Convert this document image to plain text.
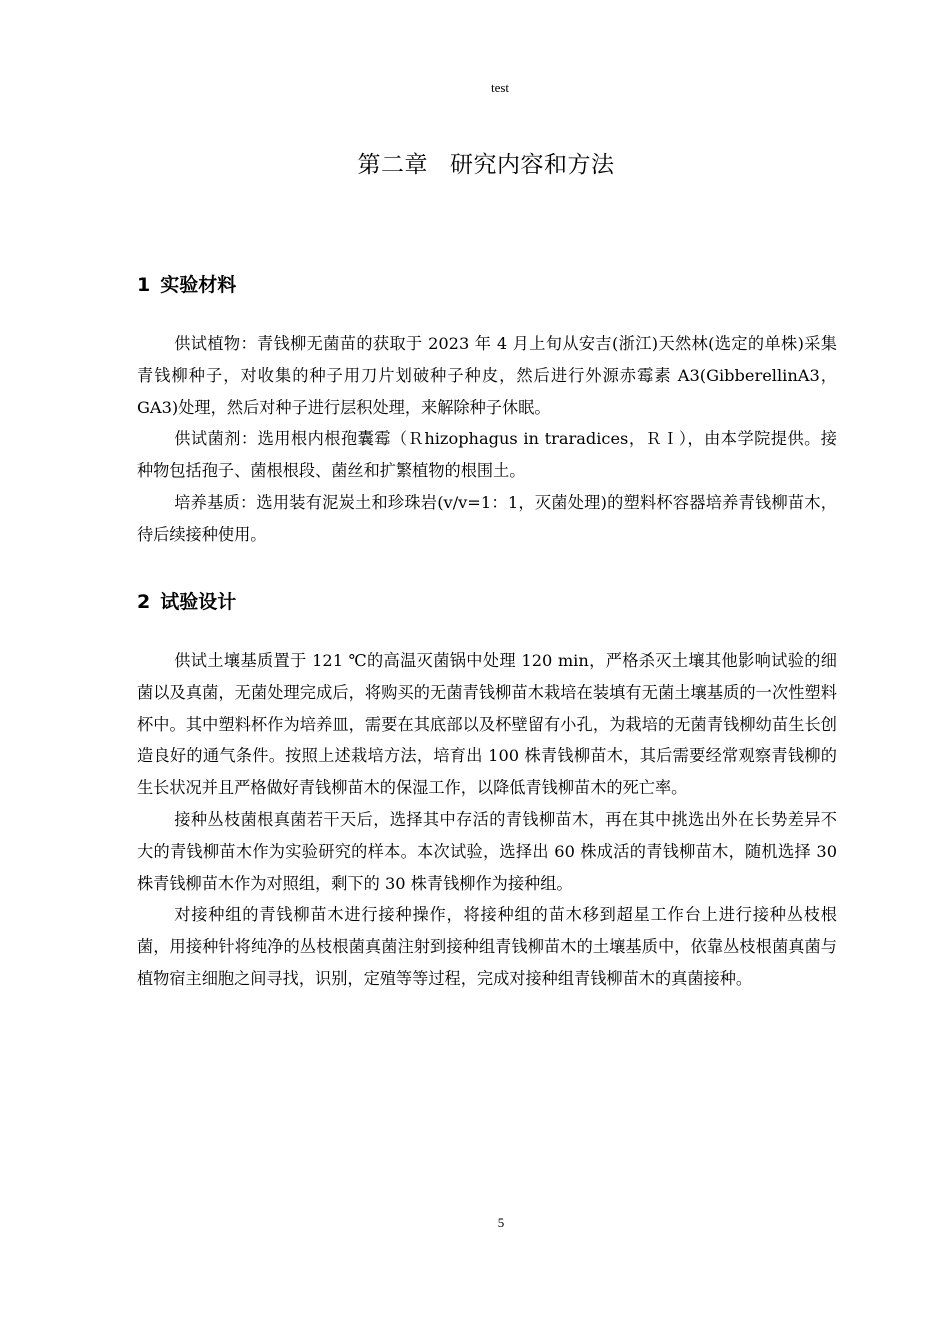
test
第二章 研究内容和方法
1 实验材料

供试植物：青钱柳无菌苗的获取于 2023 年 4 月上旬从安吉(浙江)天然林(选定的单株)采集青钱柳种子，对收集的种子用刀片划破种子种皮，然后进行外源赤霉素 A3(GibberellinA3，GA3)处理，然后对种子进行层积处理，来解除种子休眠。

供试菌剂：选用根内根孢囊霉（Ｒhizophagus in traradices，ＲＩ），由本学院提供。接种物包括孢子、菌根根段、菌丝和扩繁植物的根围土。

培养基质：选用装有泥炭土和珍珠岩(v/v=1：1，灭菌处理)的塑料杯容器培养青钱柳苗木，待后续接种使用。

2 试验设计

供试土壤基质置于 121 ℃的高温灭菌锅中处理 120 min，严格杀灭土壤其他影响试验的细菌以及真菌，无菌处理完成后，将购买的无菌青钱柳苗木栽培在装填有无菌土壤基质的一次性塑料杯中。其中塑料杯作为培养皿，需要在其底部以及杯壁留有小孔，为栽培的无菌青钱柳幼苗生长创造良好的通气条件。按照上述栽培方法，培育出 100 株青钱柳苗木，其后需要经常观察青钱柳的生长状况并且严格做好青钱柳苗木的保湿工作，以降低青钱柳苗木的死亡率。

接种丛枝菌根真菌若干天后，选择其中存活的青钱柳苗木，再在其中挑选出外在长势差异不大的青钱柳苗木作为实验研究的样本。本次试验，选择出 60 株成活的青钱柳苗木，随机选择 30 株青钱柳苗木作为对照组，剩下的 30 株青钱柳作为接种组。

对接种组的青钱柳苗木进行接种操作，将接种组的苗木移到超星工作台上进行接种丛枝根菌，用接种针将纯净的丛枝根菌真菌注射到接种组青钱柳苗木的土壤基质中，依靠丛枝根菌真菌与植物宿主细胞之间寻找，识别，定殖等等过程，完成对接种组青钱柳苗木的真菌接种。

5
